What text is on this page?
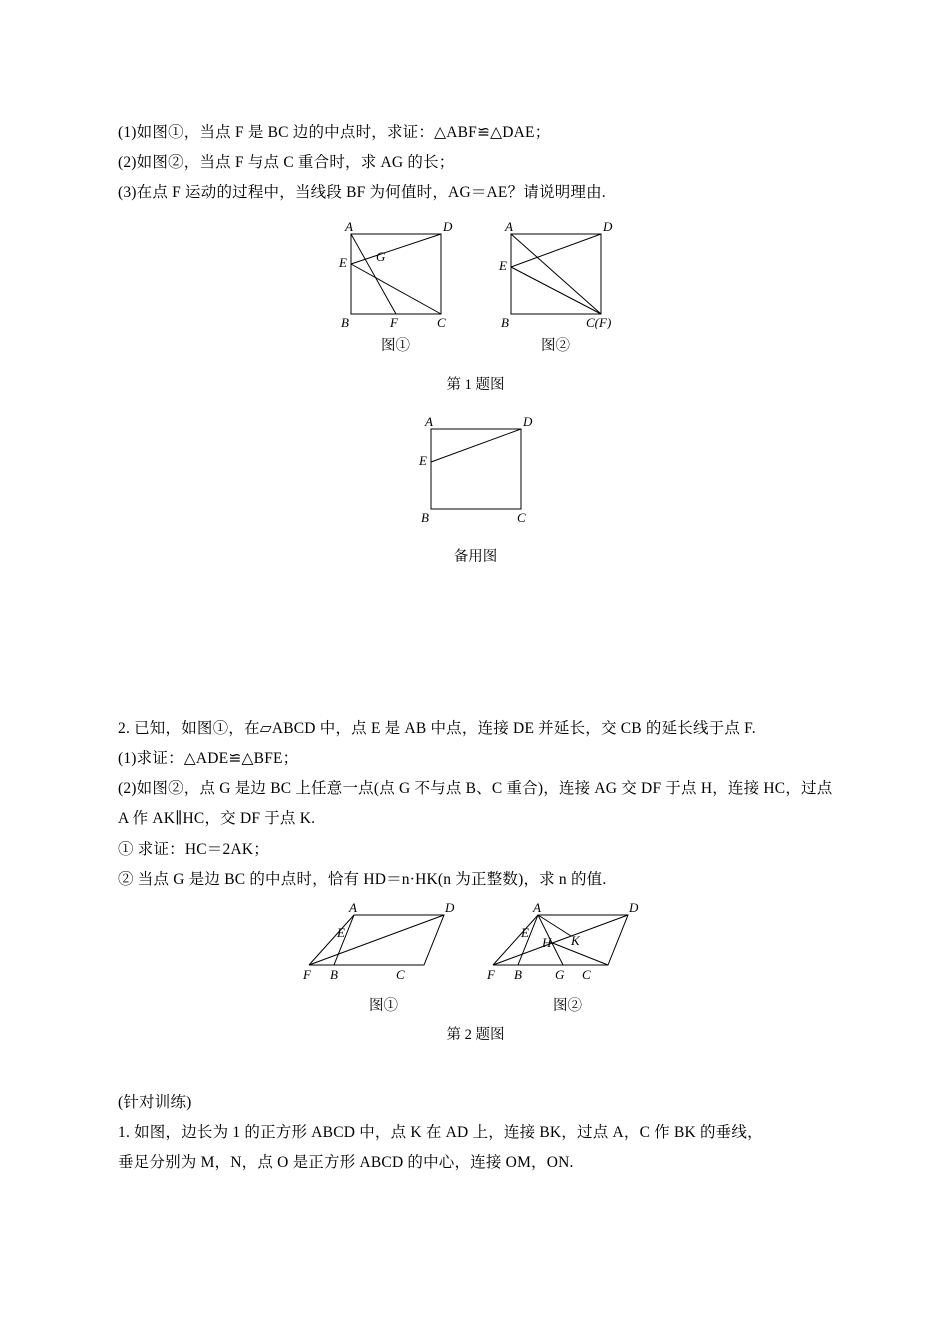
(1)如图①，当点 F 是 BC 边的中点时，求证：△ABF≌△DAE；
(2)如图②，当点 F 与点 C 重合时，求 AG 的长；
(3)在点 F 运动的过程中，当线段 BF 为何值时，AG＝AE？请说明理由.
A	D
E G
B	F	C
图①
A	D
E
B	C(F)
图②
第 1 题图
A	D
E
B	C
备用图
2. 已知，如图①，在▱ABCD 中，点 E 是 AB 中点，连接 DE 并延长，交 CB 的延长线于点 F.
(1)求证：△ADE≌△BFE；
(2)如图②，点 G 是边 BC 上任意一点(点 G 不与点 B、C 重合)，连接 AG 交 DF 于点 H，连接 HC，过点 A 作 AK∥HC，交 DF 于点 K.
① 求证：HC＝2AK；
② 当点 G 是边 BC 的中点时，恰有 HD＝n·HK(n 为正整数)，求 n 的值.
A	D
E
F B	C
图①
A	D
E
H K
F B	G C
图②
第 2 题图
(针对训练)
1. 如图，边长为 1 的正方形 ABCD 中，点 K 在 AD 上，连接 BK，过点 A，C 作 BK 的垂线，
垂足分别为 M，N，点 O 是正方形 ABCD 的中心，连接 OM，ON.
